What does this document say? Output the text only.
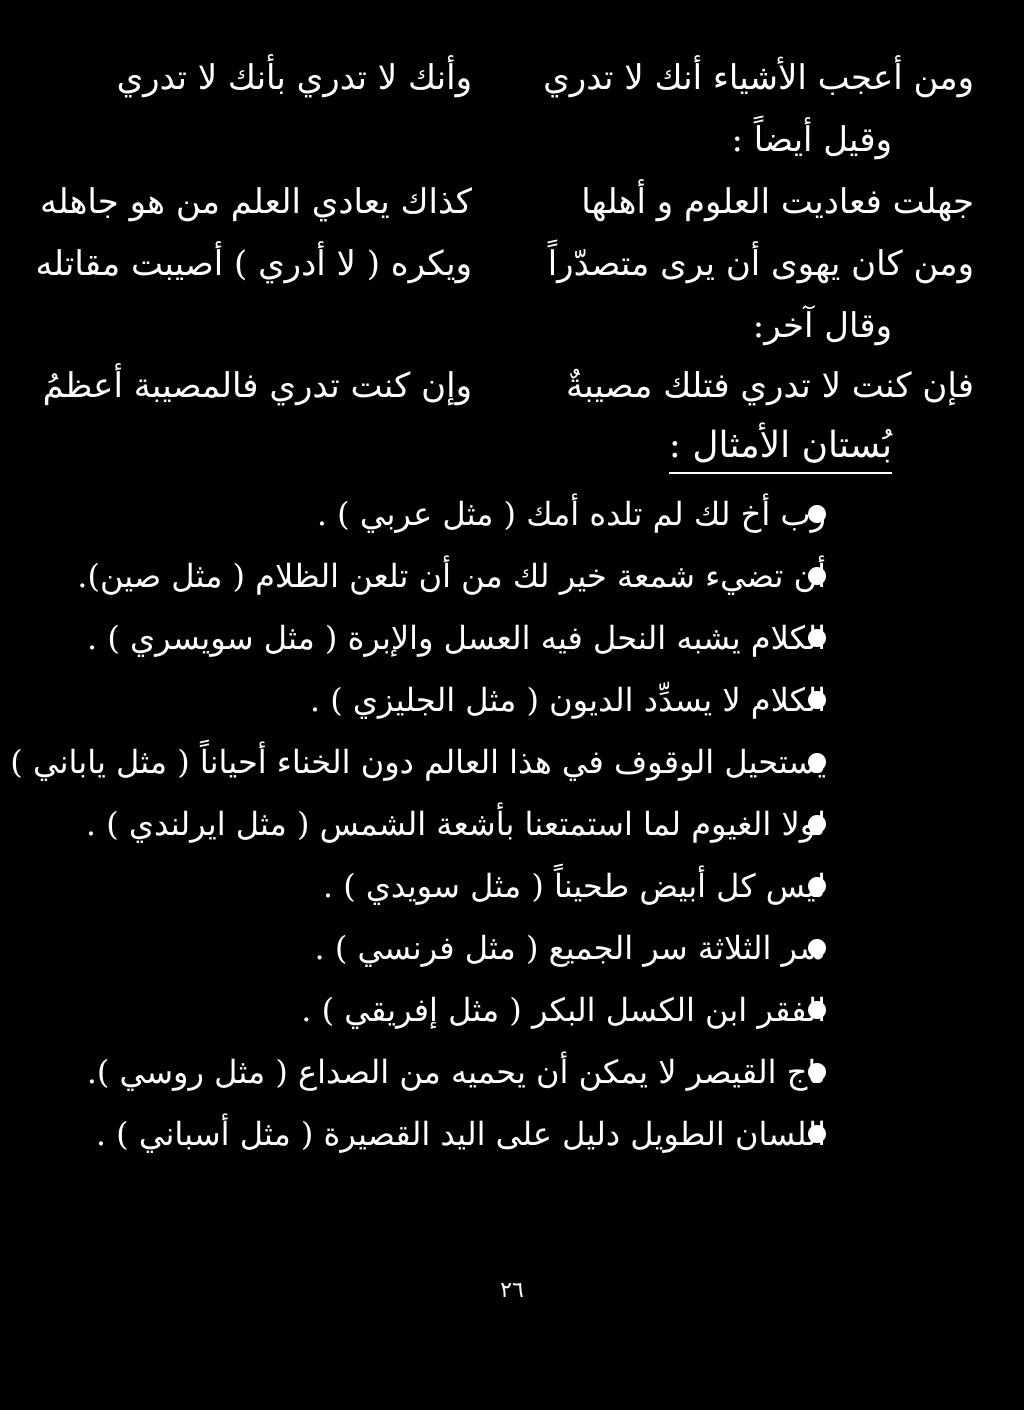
ومن أعجب الأشياء أنك لا تدري
وأنك لا تدري بأنك لا تدري
وقيل أيضاً :
جهلت فعاديت العلوم و أهلها
كذاك يعادي العلم من هو جاهله
ومن كان يهوى أن يرى متصدّراً
ويكره ( لا أدري ) أصيبت مقاتله
وقال آخر:
فإن كنت لا تدري فتلك مصيبةٌ
وإن كنت تدري فالمصيبة أعظمُ
بُستان الأمثال :
رب أخ لك لم تلده أمك ( مثل عربي ) .
أن تضيء شمعة خير لك من أن تلعن الظلام ( مثل صين).
الكلام يشبه النحل فيه العسل والإبرة ( مثل سويسري ) .
الكلام لا يسدِّد الديون ( مثل الجليزي ) .
يستحيل الوقوف في هذا العالم دون الخناء أحياناً ( مثل ياباني )
لولا الغيوم لما استمتعنا بأشعة الشمس ( مثل ايرلندي ) .
ليس كل أبيض طحيناً ( مثل سويدي ) .
سر الثلاثة سر الجميع ( مثل فرنسي ) .
الفقر ابن الكسل البكر ( مثل إفريقي ) .
تاج القيصر لا يمكن أن يحميه من الصداع ( مثل روسي ).
اللسان الطويل دليل على اليد القصيرة ( مثل أسباني ) .
٢٦
